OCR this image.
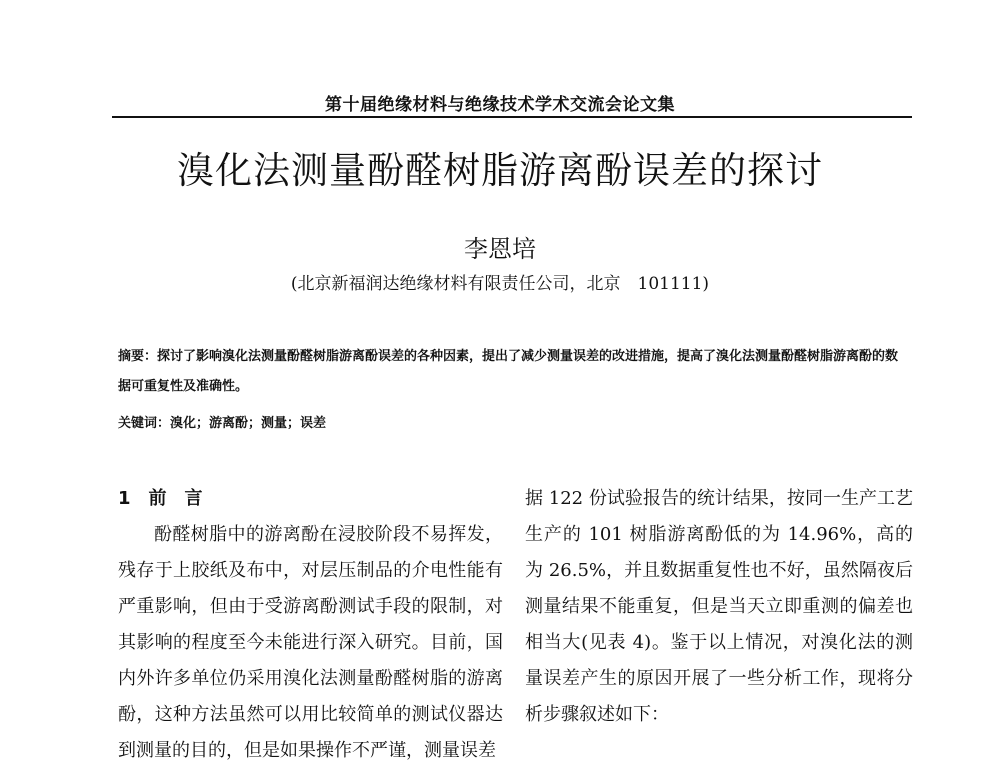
第十届绝缘材料与绝缘技术学术交流会论文集
溴化法测量酚醛树脂游离酚误差的探讨
李恩培
(北京新福润达绝缘材料有限责任公司，北京　101111)
摘要：探讨了影响溴化法测量酚醛树脂游离酚误差的各种因素，提出了减少测量误差的改进措施，提高了溴化法测量酚醛树脂游离酚的数据可重复性及准确性。
关键词：溴化；游离酚；测量；误差
1 前　言
酚醛树脂中的游离酚在浸胶阶段不易挥发，残存于上胶纸及布中，对层压制品的介电性能有严重影响，但由于受游离酚测试手段的限制，对其影响的程度至今未能进行深入研究。目前，国内外许多单位仍采用溴化法测量酚醛树脂的游离酚，这种方法虽然可以用比较简单的测试仪器达到测量的目的，但是如果操作不严谨，测量误差
据 122 份试验报告的统计结果，按同一生产工艺生产的 101 树脂游离酚低的为 14.96%，高的为 26.5%，并且数据重复性也不好，虽然隔夜后测量结果不能重复，但是当天立即重测的偏差也相当大(见表 4)。鉴于以上情况，对溴化法的测量误差产生的原因开展了一些分析工作，现将分析步骤叙述如下：
